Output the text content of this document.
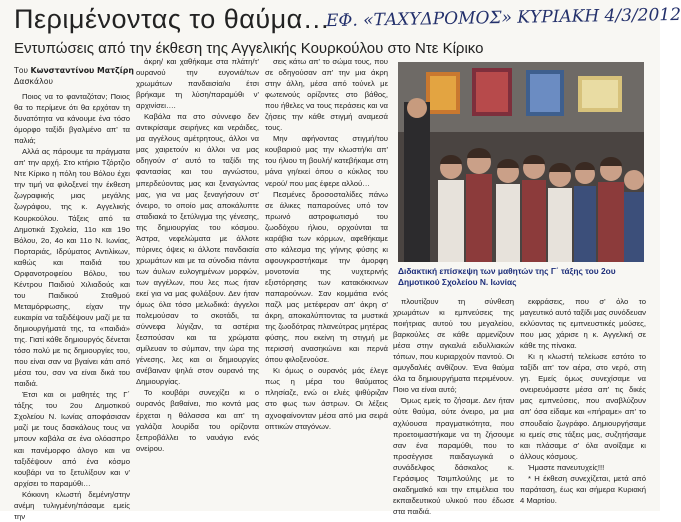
Περιμένοντας το θαύμα…
ΕΦ. «ΤΑΧΥΔΡΟΜΟΣ» ΚΥΡΙΑΚΗ 4/3/2012
Εντυπώσεις από την έκθεση της Αγγελικής Κουρκούλου στο Ντε Κίρικο
Του Κωνσταντίνου Ματζίρη
Δασκάλου

Ποιος να το φανταζόταν; Ποιος θα το περίμενε ότι θα ερχόταν τη δυνατότητα να κάνουμε ένα τόσο όμορφο ταξίδι βγαλμένο απ' τα παλιά;

Αλλά ας πάρουμε τα πράγματα απ' την αρχή. Στο κτήριο Τζόρτζιο Ντε Κίρικο η πόλη του Βόλου έχει την τιμή να φιλοξενεί την έκθεση ζωγραφικής μιας μεγάλης ζωγράφου, της κ. Αγγελικής Κουρκούλου. Τάξεις από τα Δημοτικά Σχολεία, 11ο και 19ο Βόλου, 2ο, 4ο και 11ο Ν. Ιωνίας, Πορταριάς, Ιδρύματος Αντιλίκων, καθώς και παιδιά του Ορφανοτροφείου Βόλου, του Κέντρου Παιδιού Χιλιαδούς και του Παιδικού Σταθμού Μεταμόρφωσης, είχαν την ευκαιρία να ταξιδέψουν μαζί με τα δημιουργήματά της, τα «παιδιά» της. Γιατί κάθε δημιουργός δένεται τόσο πολύ με τις δημιουργίες του, που είναι σαν να βγαίνει κάτι από μέσα του, σαν να είναι δικά του παιδιά.

Έτσι και οι μαθητές της Γ΄ τάξης του 2ου Δημοτικού Σχολείου Ν. Ιωνίας αποφάσισαν μαζί με τους δασκάλους τους να μπουν καβάλα σε ένα ολόασπρο και πανέμορφο άλογο και να ταξιδέψουν από ένα κόσμο κουβάρι να το ξετυλίξουν και ν' αρχίσει το παραμύθι…

Κόκκινη κλωστή δεμένη/στην ανέμη τυλιγμένη/πάσαμε εμείς την

άκρη/ και χαθήκαμε στα πλάτη/τ' ουρανού την ευγονιά/των χρωμάτων πανδαισία/κι έτσι βρήκαμε τη λύση/παραμύθι ν' αρχινίσει….

Καβάλα πα στο σύννεφο δεν αντικρίσαμε σειρήνες και νεράιδες, μα αγγέλους αμέτρητους, άλλοι να μας χαιρετούν κι άλλοι να μας οδηγούν σ' αυτό το ταξίδι της φαντασίας και του αγνώστου, μπερδεύοντας μας και ξεναγώντας μας, για να μας ξεναγήσουν στ' όνειρο, το οποίο μας αποκάλυπτε σταδιακά το ξετύλιγμα της γένεσης, της δημιουργίας του κόσμου. Άστρα, νεφελώματα με άλλοτε πύρινες όψεις κι άλλοτε πανδαισία χρωμάτων και με τα σύνοδια πάντα των άυλων ευλογημένων μορφών, των αγγέλων, που λες πως ήταν εκεί για να μας φυλάξουν. Δεν ήταν όμως όλα τόσο μελωδικά: άγγελοι πολεμούσαν το σκοτάδι, τα σύννεφα λύγιζαν, τα αστέρια ξεσπούσαν και τα χρώματα σμίλευαν το σύμπαν, την ώρα της γένεσης, λες και οι δημιουργίες ανέβαιναν ψηλά στον ουρανό της Δημιουργίας.

Το κουβάρι συνεχίζει κι ο ουρανός βαθαίνει, πιο κοντά μας έρχεται η θάλασσα και απ' τη γαλάζια λουρίδα του ορίζοντα ξεπροβάλλει το ναυάγιο ενός ονείρου.

σεις κάτω απ' το σώμα τους, που σε οδηγούσαν απ' την μια άκρη στην άλλη, μέσα από τούνελ με φωτεινούς ορίζοντες στο βάθος, που ήθελες να τους περάσεις και να ζήσεις την κάθε στιγμή αναμεσά τους.

Μην αφήνοντας στιγμή/του κουβαριού μας την κλωστή/κι απ' του ήλιου τη βουλή/ κατεβήκαμε στη μάνα γη/εκεί όπου ο κύκλος του νερού/ που μας έφερε αλλού…

Πεσμένες δροσοσταλίδες πάνω σε άλικες παπαρούνες υπό τον πρωινό αστροφωτισμό του ζωοδόχου ήλιου, ορχούνται τα καράβια των κόρμων, αφεθήκαμε στο κάλεσμα της γήινης φύσης κι αφουγκραστήκαμε την άμορφη μονοτονία της νυχτερινής εξιστόρησης των κατακόκκινων παπαρούνων. Σαν κομμάτια ενός παζλ μας μετέφεραν απ' άκρη σ' άκρη, αποκαλύπτοντας τα μυστικά της ζωοδότρας πλανεύτρας μητέρας φύσης, που εκείνη τη στιγμή με περισσή ανασηκώνει και περνά όπου φιλοξενούσε.

Κι όμως ο ουρανός μάς έλεγε πως η μέρα του θαύματος πλησίαζε, ενώ οι ελιές ψιθύριζαν στο φως των άστρων. Οι λέξεις αχνοφαίνονταν μέσα από μια σειρά οπτικών σταγόνων.

Διδακτική επίσκεψη των μαθητών της Γ΄ τάξης του 2ου Δημοτικού Σχολείου Ν. Ιωνίας

πλουτίζουν τη σύνθεση χρωμάτων κι εμπνεύσεις της ποιήτριας αυτού του μεγαλείου, βαρκούλες σε κάθε αρμενίζουν μέσα στην αγκαλιά ειδυλλιακών τόπων, που κυριαρχούν παντού. Οι αμυγδαλιές ανθίζουν. Ένα θαύμα όλα τα δημιουργήματα περιμένουν. Ποιο να είναι αυτό;

Όμως εμείς το ζήσαμε. Δεν ήταν ούτε θαύμα, ούτε όνειρο, μα μια αχλύουσα πραγματικότητα, που προετοιμαστήκαμε να τη ζήσουμε σαν ένα παραμύθι, που το προσέγγισε παιδαγωγικά ο συνάδελφος δάσκαλος κ. Γεράσιμος Τσιμπλούλης με το ακαδημαϊκό και την επιμέλεια του εκπαιδευτικού υλικού που έδωσε στα παιδιά.

εκφράσεις, που σ' όλο το μαγευτικό αυτό ταξίδι μας συνόδευαν εκλύοντας τις εμπνευστικές μούσες, που μας χάρισε η κ. Αγγελική σε κάθε της πίνακα.

Κι η κλωστή τελείωσε εστότο το ταξίδι απ' τον αέρα, στο νερό, στη γη. Εμείς όμως συνεχίσαμε να ονειρευόμαστε μέσα απ' τις δικές μας εμπνεύσεις, που αναβλύζουν απ' όσα είδαμε και «πήραμε» απ' το σπουδαίο ζωγράφο. Δημιουργήσαμε κι εμείς στις τάξεις μας, συζητήσαμε και πλάσαμε σ' όλα ανοίξαμε κι άλλους κόσμους.

Ήμαστε πανευτυχείς!!!

* Η έκθεση συνεχίζεται, μετά από παράταση, έως και σήμερα Κυριακή 4 Μαρτίου.
